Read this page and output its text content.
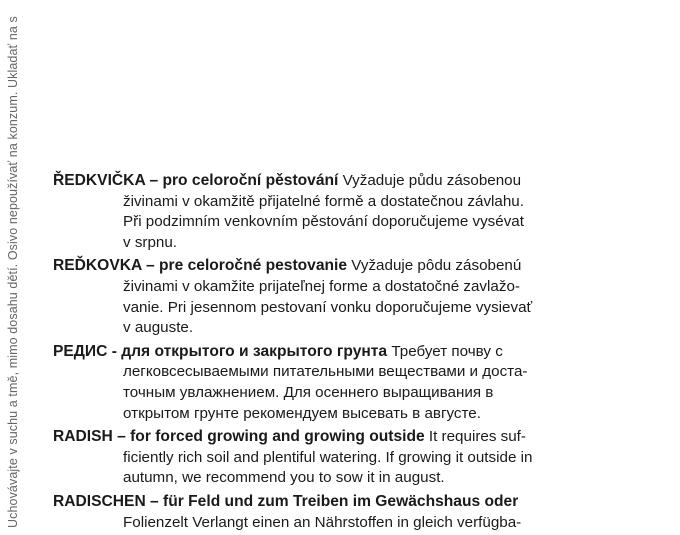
Uchovávajte v suchu a tmě, mimo dosahu dětí. Osivo nepoužívať na konzum. Ukladať na s ŘEDKVIČKA – pro celoroční pěstování Vyžaduje půdu zásobenou
živinami v okamžitě přijatelné formě a dostatečnou závlahu.
Při podzimním venkovním pěstování doporučujeme vysévat
v srpnu.
REĎKOVKA – pre celoročné pestovanie Vyžaduje pôdu zásobenú
živinami v okamžite prijateľnej forme a dostatočné zavlažo-
vanie. Pri jesennom pestovaní vonku doporučujeme vysievať
v auguste.
РЕДИС - для открытого и закрытого грунта Требует почву с
легковсесываемыми питательными веществами и доста-
точным увлажнением. Для осеннего выращивания в
открытом грунте рекомендуем высевать в августе.
RADISH – for forced growing and growing outside It requires suf-
ficiently rich soil and plentiful watering. If growing it outside in
autumn, we recommend you to sow it in august.
RADISCHEN – für Feld und zum Treiben im Gewächshaus oder
Folienzelt Verlangt einen an Nährstoffen in gleich verfügba-
